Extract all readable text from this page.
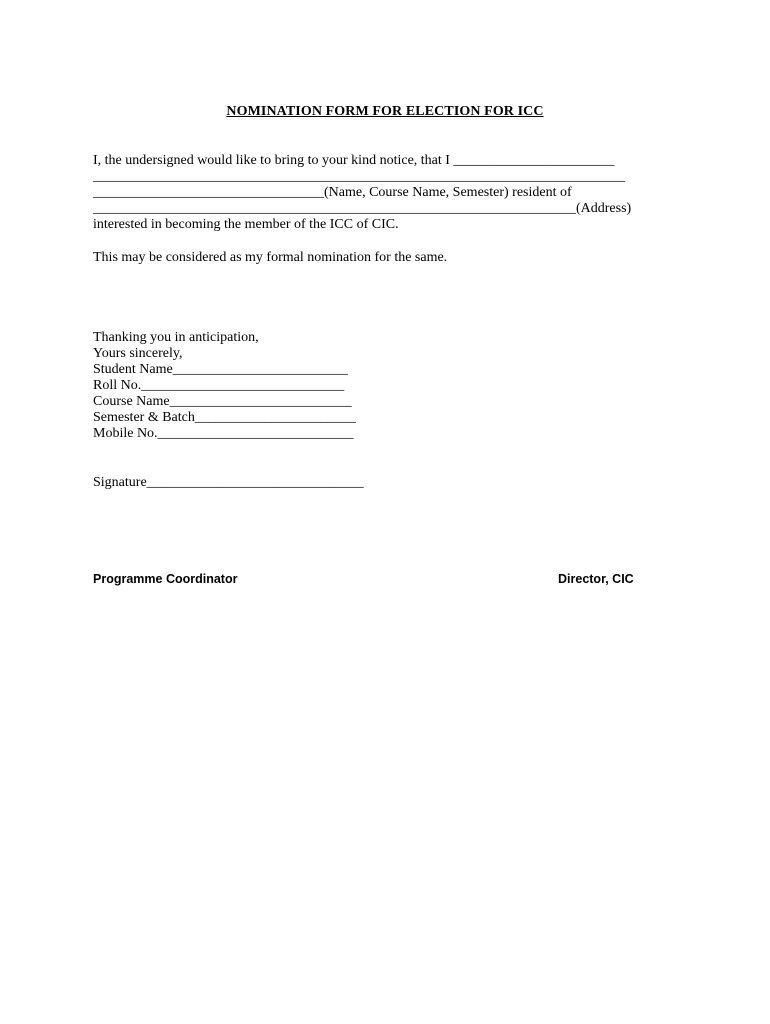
NOMINATION FORM FOR ELECTION FOR ICC
I, the undersigned would like to bring to your kind notice, that I _______________________
____________________________________________________________________________
_________________________________(Name, Course Name, Semester) resident of
_____________________________________________________________________(Address)
interested in becoming the member of the ICC of CIC.
This may be considered as my formal nomination for the same.
Thanking you in anticipation,
Yours sincerely,
Student Name_________________________
Roll No._____________________________
Course Name__________________________
Semester & Batch_______________________
Mobile No.____________________________
Signature_______________________________
Programme Coordinator	Director, CIC
